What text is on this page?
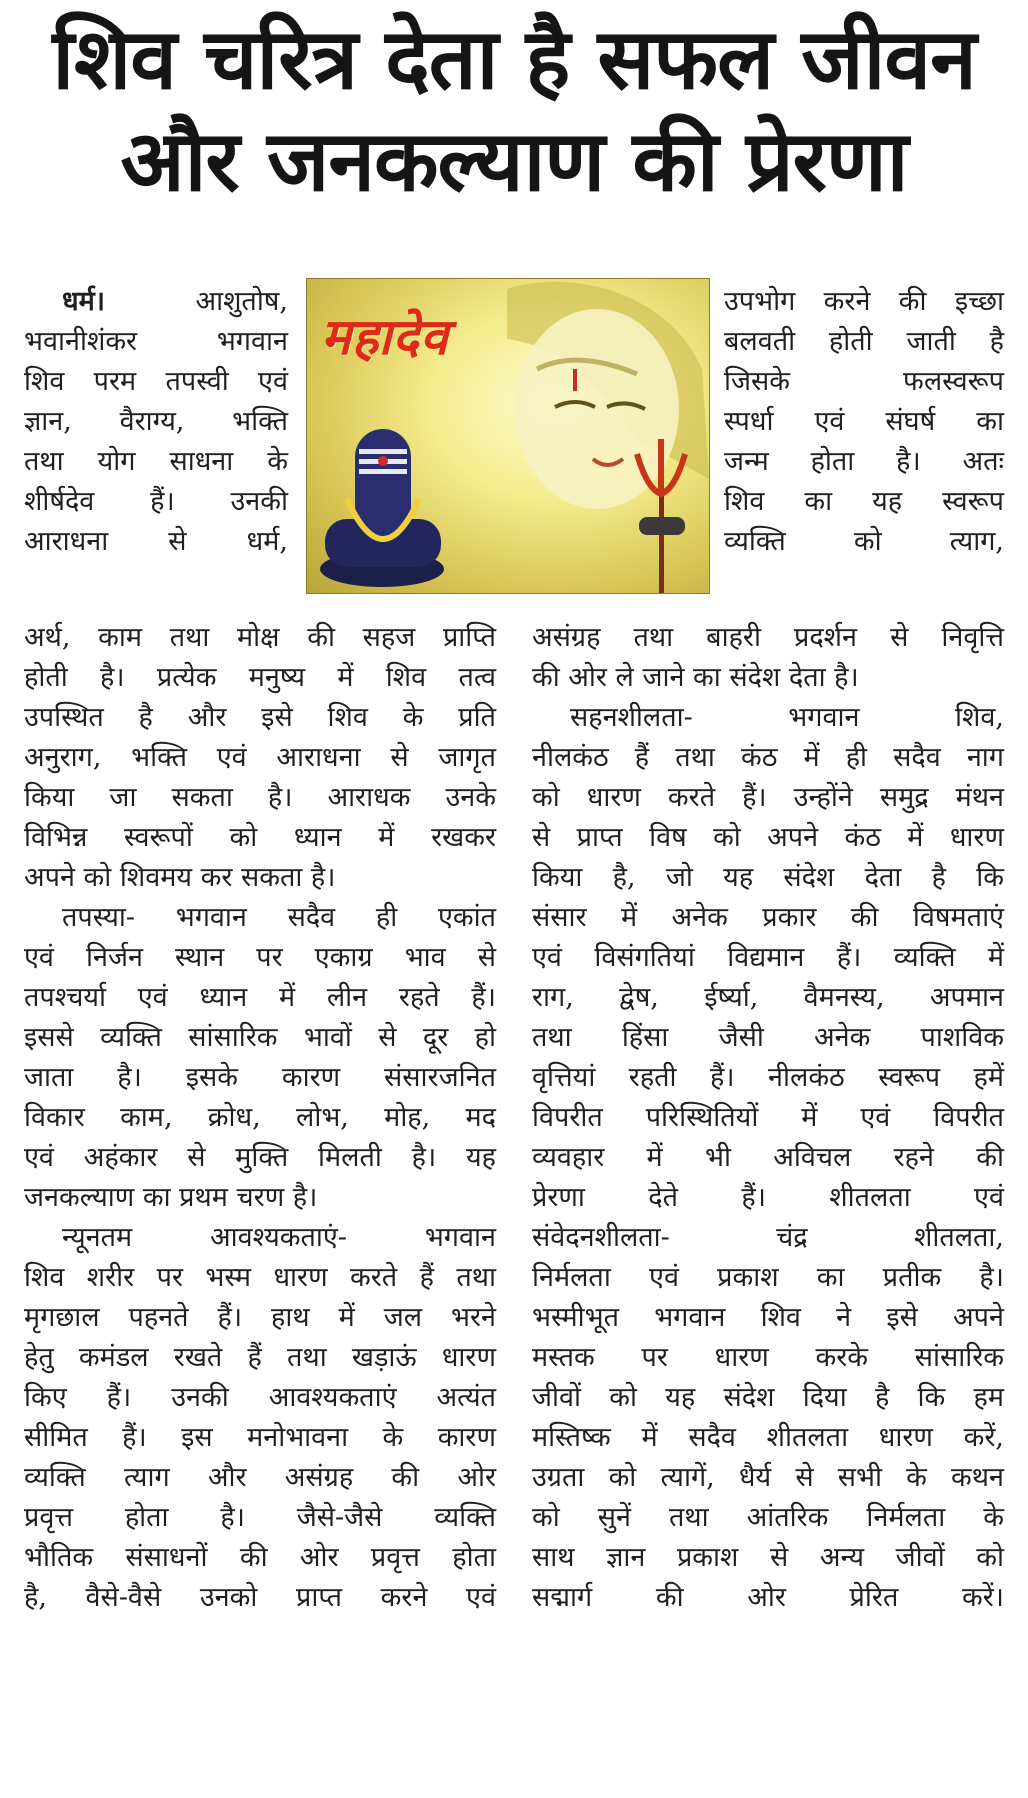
शिव चरित्र देता है सफल जीवन
और जनकल्याण की प्रेरणा
महादेव

धर्म। आशुतोष,

भवानीशंकर भगवान

शिव परम तपस्वी एवं

ज्ञान, वैराग्य, भक्ति

तथा योग साधना के

शीर्षदेव हैं। उनकी

आराधना से धर्म,

अर्थ, काम तथा मोक्ष की सहज प्राप्ति

होती है। प्रत्येक मनुष्य में शिव तत्व

उपस्थित है और इसे शिव के प्रति

अनुराग, भक्ति एवं आराधना से जागृत

किया जा सकता है। आराधक उनके

विभिन्न स्वरूपों को ध्यान में रखकर

अपने को शिवमय कर सकता है।

तपस्या- भगवान सदैव ही एकांत

एवं निर्जन स्थान पर एकाग्र भाव से

तपश्चर्या एवं ध्यान में लीन रहते हैं।

इससे व्यक्ति सांसारिक भावों से दूर हो

जाता है। इसके कारण संसारजनित

विकार काम, क्रोध, लोभ, मोह, मद

एवं अहंकार से मुक्ति मिलती है। यह

जनकल्याण का प्रथम चरण है।

न्यूनतम आवश्यकताएं- भगवान

शिव शरीर पर भस्म धारण करते हैं तथा

मृगछाल पहनते हैं। हाथ में जल भरने

हेतु कमंडल रखते हैं तथा खड़ाऊं धारण

किए हैं। उनकी आवश्यकताएं अत्यंत

सीमित हैं। इस मनोभावना के कारण

व्यक्ति त्याग और असंग्रह की ओर

प्रवृत्त होता है। जैसे-जैसे व्यक्ति

भौतिक संसाधनों की ओर प्रवृत्त होता

है, वैसे-वैसे उनको प्राप्त करने एवं

उपभोग करने की इच्छा

बलवती होती जाती है

जिसके फलस्वरूप

स्पर्धा एवं संघर्ष का

जन्म होता है। अतः

शिव का यह स्वरूप

व्यक्ति को त्याग,

असंग्रह तथा बाहरी प्रदर्शन से निवृत्ति

की ओर ले जाने का संदेश देता है।

सहनशीलता- भगवान शिव,

नीलकंठ हैं तथा कंठ में ही सदैव नाग

को धारण करते हैं। उन्होंने समुद्र मंथन

से प्राप्त विष को अपने कंठ में धारण

किया है, जो यह संदेश देता है कि

संसार में अनेक प्रकार की विषमताएं

एवं विसंगतियां विद्यमान हैं। व्यक्ति में

राग, द्वेष, ईर्ष्या, वैमनस्य, अपमान

तथा हिंसा जैसी अनेक पाशविक

वृत्तियां रहती हैं। नीलकंठ स्वरूप हमें

विपरीत परिस्थितियों में एवं विपरीत

व्यवहार में भी अविचल रहने की

प्रेरणा देते हैं। शीतलता एवं

संवेदनशीलता- चंद्र शीतलता,

निर्मलता एवं प्रकाश का प्रतीक है।

भस्मीभूत भगवान शिव ने इसे अपने

मस्तक पर धारण करके सांसारिक

जीवों को यह संदेश दिया है कि हम

मस्तिष्क में सदैव शीतलता धारण करें,

उग्रता को त्यागें, धैर्य से सभी के कथन

को सुनें तथा आंतरिक निर्मलता के

साथ ज्ञान प्रकाश से अन्य जीवों को

सद्मार्ग की ओर प्रेरित करें।
